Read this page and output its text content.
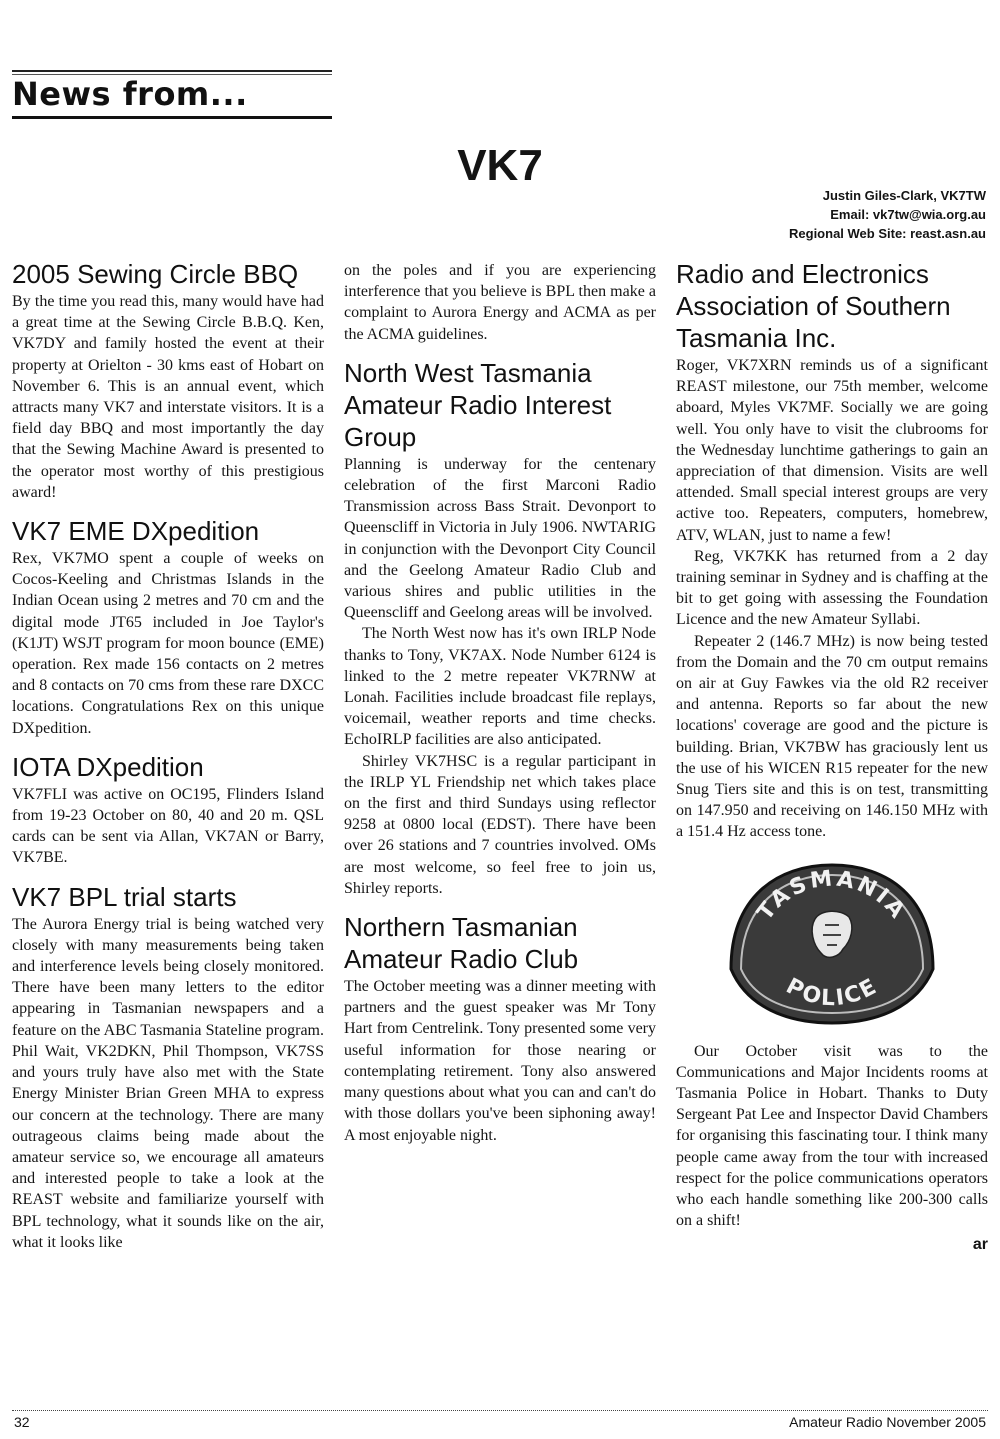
News from...
VK7
Justin Giles-Clark, VK7TW
Email: vk7tw@wia.org.au
Regional Web Site: reast.asn.au
2005 Sewing Circle BBQ

By the time you read this, many would have had a great time at the Sewing Circle B.B.Q. Ken, VK7DY and family hosted the event at their property at Orielton - 30 kms east of Hobart on November 6. This is an annual event, which attracts many VK7 and interstate visitors. It is a field day BBQ and most importantly the day that the Sewing Machine Award is presented to the operator most worthy of this prestigious award!

VK7 EME DXpedition

Rex, VK7MO spent a couple of weeks on Cocos-Keeling and Christmas Islands in the Indian Ocean using 2 metres and 70 cm and the digital mode JT65 included in Joe Taylor's (K1JT) WSJT program for moon bounce (EME) operation. Rex made 156 contacts on 2 metres and 8 contacts on 70 cms from these rare DXCC locations. Congratulations Rex on this unique DXpedition.

IOTA DXpedition

VK7FLI was active on OC195, Flinders Island from 19-23 October on 80, 40 and 20 m. QSL cards can be sent via Allan, VK7AN or Barry, VK7BE.

VK7 BPL trial starts

The Aurora Energy trial is being watched very closely with many measurements being taken and interference levels being closely monitored. There have been many letters to the editor appearing in Tasmanian newspapers and a feature on the ABC Tasmania Stateline program. Phil Wait, VK2DKN, Phil Thompson, VK7SS and yours truly have also met with the State Energy Minister Brian Green MHA to express our concern at the technology. There are many outrageous claims being made about the amateur service so, we encourage all amateurs and interested people to take a look at the REAST website and familiarize yourself with BPL technology, what it sounds like on the air, what it looks like

on the poles and if you are experiencing interference that you believe is BPL then make a complaint to Aurora Energy and ACMA as per the ACMA guidelines.

North West Tasmania Amateur Radio Interest Group

Planning is underway for the centenary celebration of the first Marconi Radio Transmission across Bass Strait. Devonport to Queenscliff in Victoria in July 1906. NWTARIG in conjunction with the Devonport City Council and the Geelong Amateur Radio Club and various shires and public utilities in the Queenscliff and Geelong areas will be involved.

The North West now has it's own IRLP Node thanks to Tony, VK7AX. Node Number 6124 is linked to the 2 metre repeater VK7RNW at Lonah. Facilities include broadcast file replays, voicemail, weather reports and time checks. EchoIRLP facilities are also anticipated.

Shirley VK7HSC is a regular participant in the IRLP YL Friendship net which takes place on the first and third Sundays using reflector 9258 at 0800 local (EDST). There have been over 26 stations and 7 countries involved. OMs are most welcome, so feel free to join us, Shirley reports.

Northern Tasmanian Amateur Radio Club

The October meeting was a dinner meeting with partners and the guest speaker was Mr Tony Hart from Centrelink. Tony presented some very useful information for those nearing or contemplating retirement. Tony also answered many questions about what you can and can't do with those dollars you've been siphoning away! A most enjoyable night.

Radio and Electronics Association of Southern Tasmania Inc.

Roger, VK7XRN reminds us of a significant REAST milestone, our 75th member, welcome aboard, Myles VK7MF. Socially we are going well. You only have to visit the clubrooms for the Wednesday lunchtime gatherings to gain an appreciation of that dimension. Visits are well attended. Small special interest groups are very active too. Repeaters, computers, homebrew, ATV, WLAN, just to name a few!

Reg, VK7KK has returned from a 2 day training seminar in Sydney and is chaffing at the bit to get going with assessing the Foundation Licence and the new Amateur Syllabi.

Repeater 2 (146.7 MHz) is now being tested from the Domain and the 70 cm output remains on air at Guy Fawkes via the old R2 receiver and antenna. Reports so far about the new locations' coverage are good and the picture is building. Brian, VK7BW has graciously lent us the use of his WICEN R15 repeater for the new Snug Tiers site and this is on test, transmitting on 147.950 and receiving on 146.150 MHz with a 151.4 Hz access tone.

TASMANIA
POLICE

Our October visit was to the Communications and Major Incidents rooms at Tasmania Police in Hobart. Thanks to Duty Sergeant Pat Lee and Inspector David Chambers for organising this fascinating tour. I think many people came away from the tour with increased respect for the police communications operators who each handle something like 200-300 calls on a shift!

ar
32	Amateur Radio November 2005
